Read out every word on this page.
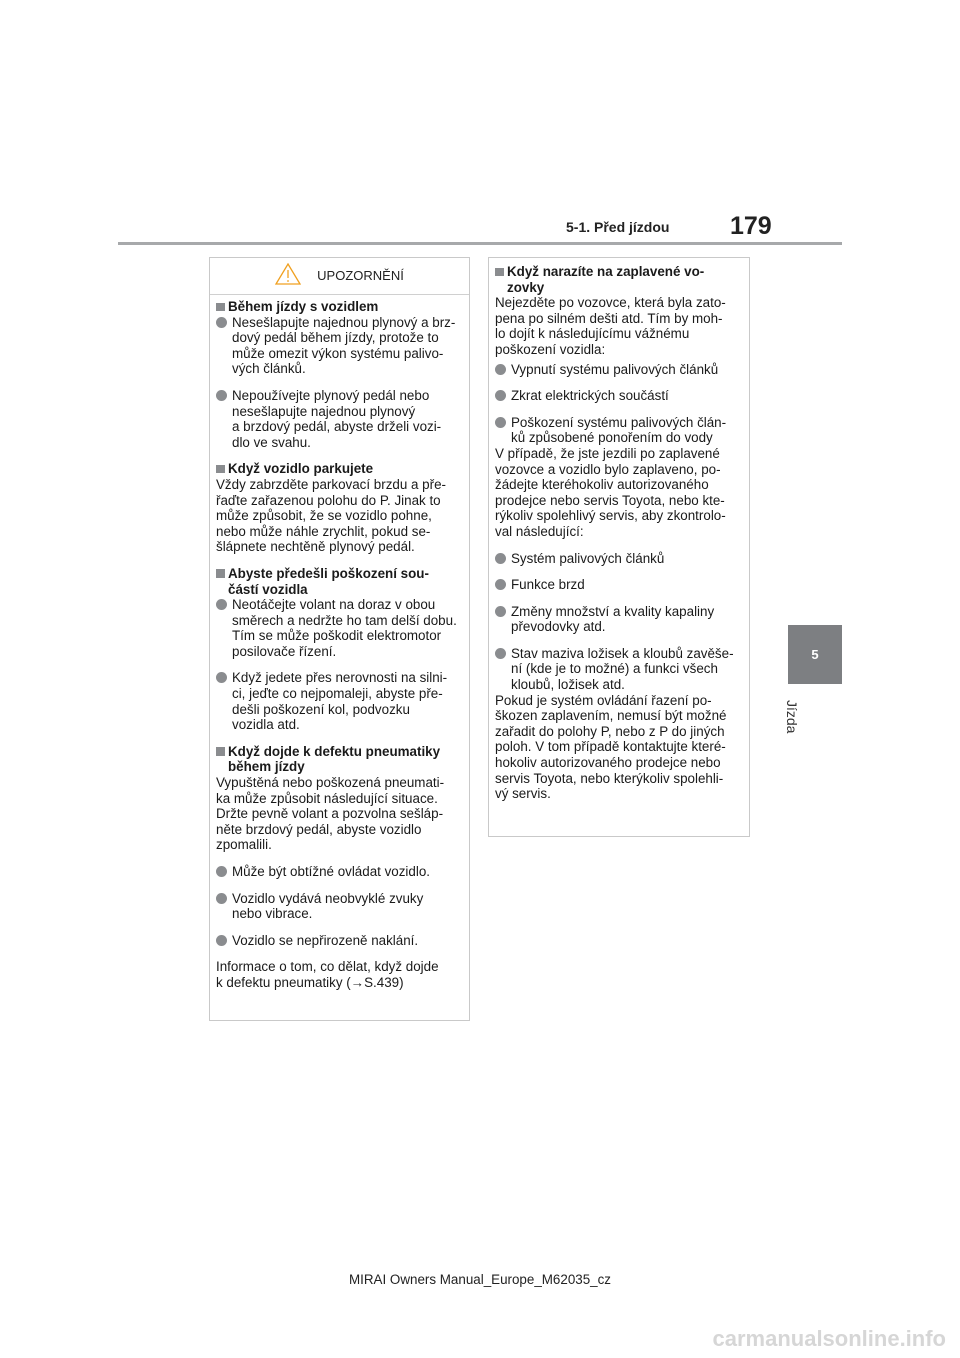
5-1. Před jízdou 179
5
Jízda
UPOZORNĚNÍ
Během jízdy s vozidlem
Nesešlapujte najednou plynový a brz-
dový pedál během jízdy, protože to
může omezit výkon systému palivo-
vých článků.
Nepoužívejte plynový pedál nebo
nesešlapujte najednou plynový
a brzdový pedál, abyste drželi vozi-
dlo ve svahu.
Když vozidlo parkujete
Vždy zabrzděte parkovací brzdu a pře-
řaďte zařazenou polohu do P. Jinak to
může způsobit, že se vozidlo pohne,
nebo může náhle zrychlit, pokud se-
šlápnete nechtěně plynový pedál.
Abyste předešli poškození sou-
částí vozidla
Neotáčejte volant na doraz v obou
směrech a nedržte ho tam delší dobu.
Tím se může poškodit elektromotor
posilovače řízení.
Když jedete přes nerovnosti na silni-
ci, jeďte co nejpomaleji, abyste pře-
dešli poškození kol, podvozku
vozidla atd.
Když dojde k defektu pneumatiky
během jízdy
Vypuštěná nebo poškozená pneumati-
ka může způsobit následující situace.
Držte pevně volant a pozvolna sešláp-
něte brzdový pedál, abyste vozidlo
zpomalili.
Může být obtížné ovládat vozidlo.
Vozidlo vydává neobvyklé zvuky
nebo vibrace.
Vozidlo se nepřirozeně naklání.
Informace o tom, co dělat, když dojde
k defektu pneumatiky (→S.439)
Když narazíte na zaplavené vo-
zovky
Nejezděte po vozovce, která byla zato-
pena po silném dešti atd. Tím by moh-
lo dojít k následujícímu vážnému
poškození vozidla:
Vypnutí systému palivových článků
Zkrat elektrických součástí
Poškození systému palivových člán-
ků způsobené ponořením do vody
V případě, že jste jezdili po zaplavené
vozovce a vozidlo bylo zaplaveno, po-
žádejte kteréhokoliv autorizovaného
prodejce nebo servis Toyota, nebo kte-
rýkoliv spolehlivý servis, aby zkontrolo-
val následující:
Systém palivových článků
Funkce brzd
Změny množství a kvality kapaliny
převodovky atd.
Stav maziva ložisek a kloubů zavěše-
ní (kde je to možné) a funkci všech
kloubů, ložisek atd.
Pokud je systém ovládání řazení po-
škozen zaplavením, nemusí být možné
zařadit do polohy P, nebo z P do jiných
poloh. V tom případě kontaktujte které-
hokoliv autorizovaného prodejce nebo
servis Toyota, nebo kterýkoliv spolehli-
vý servis.
MIRAI Owners Manual_Europe_M62035_cz
carmanualsonline.info
